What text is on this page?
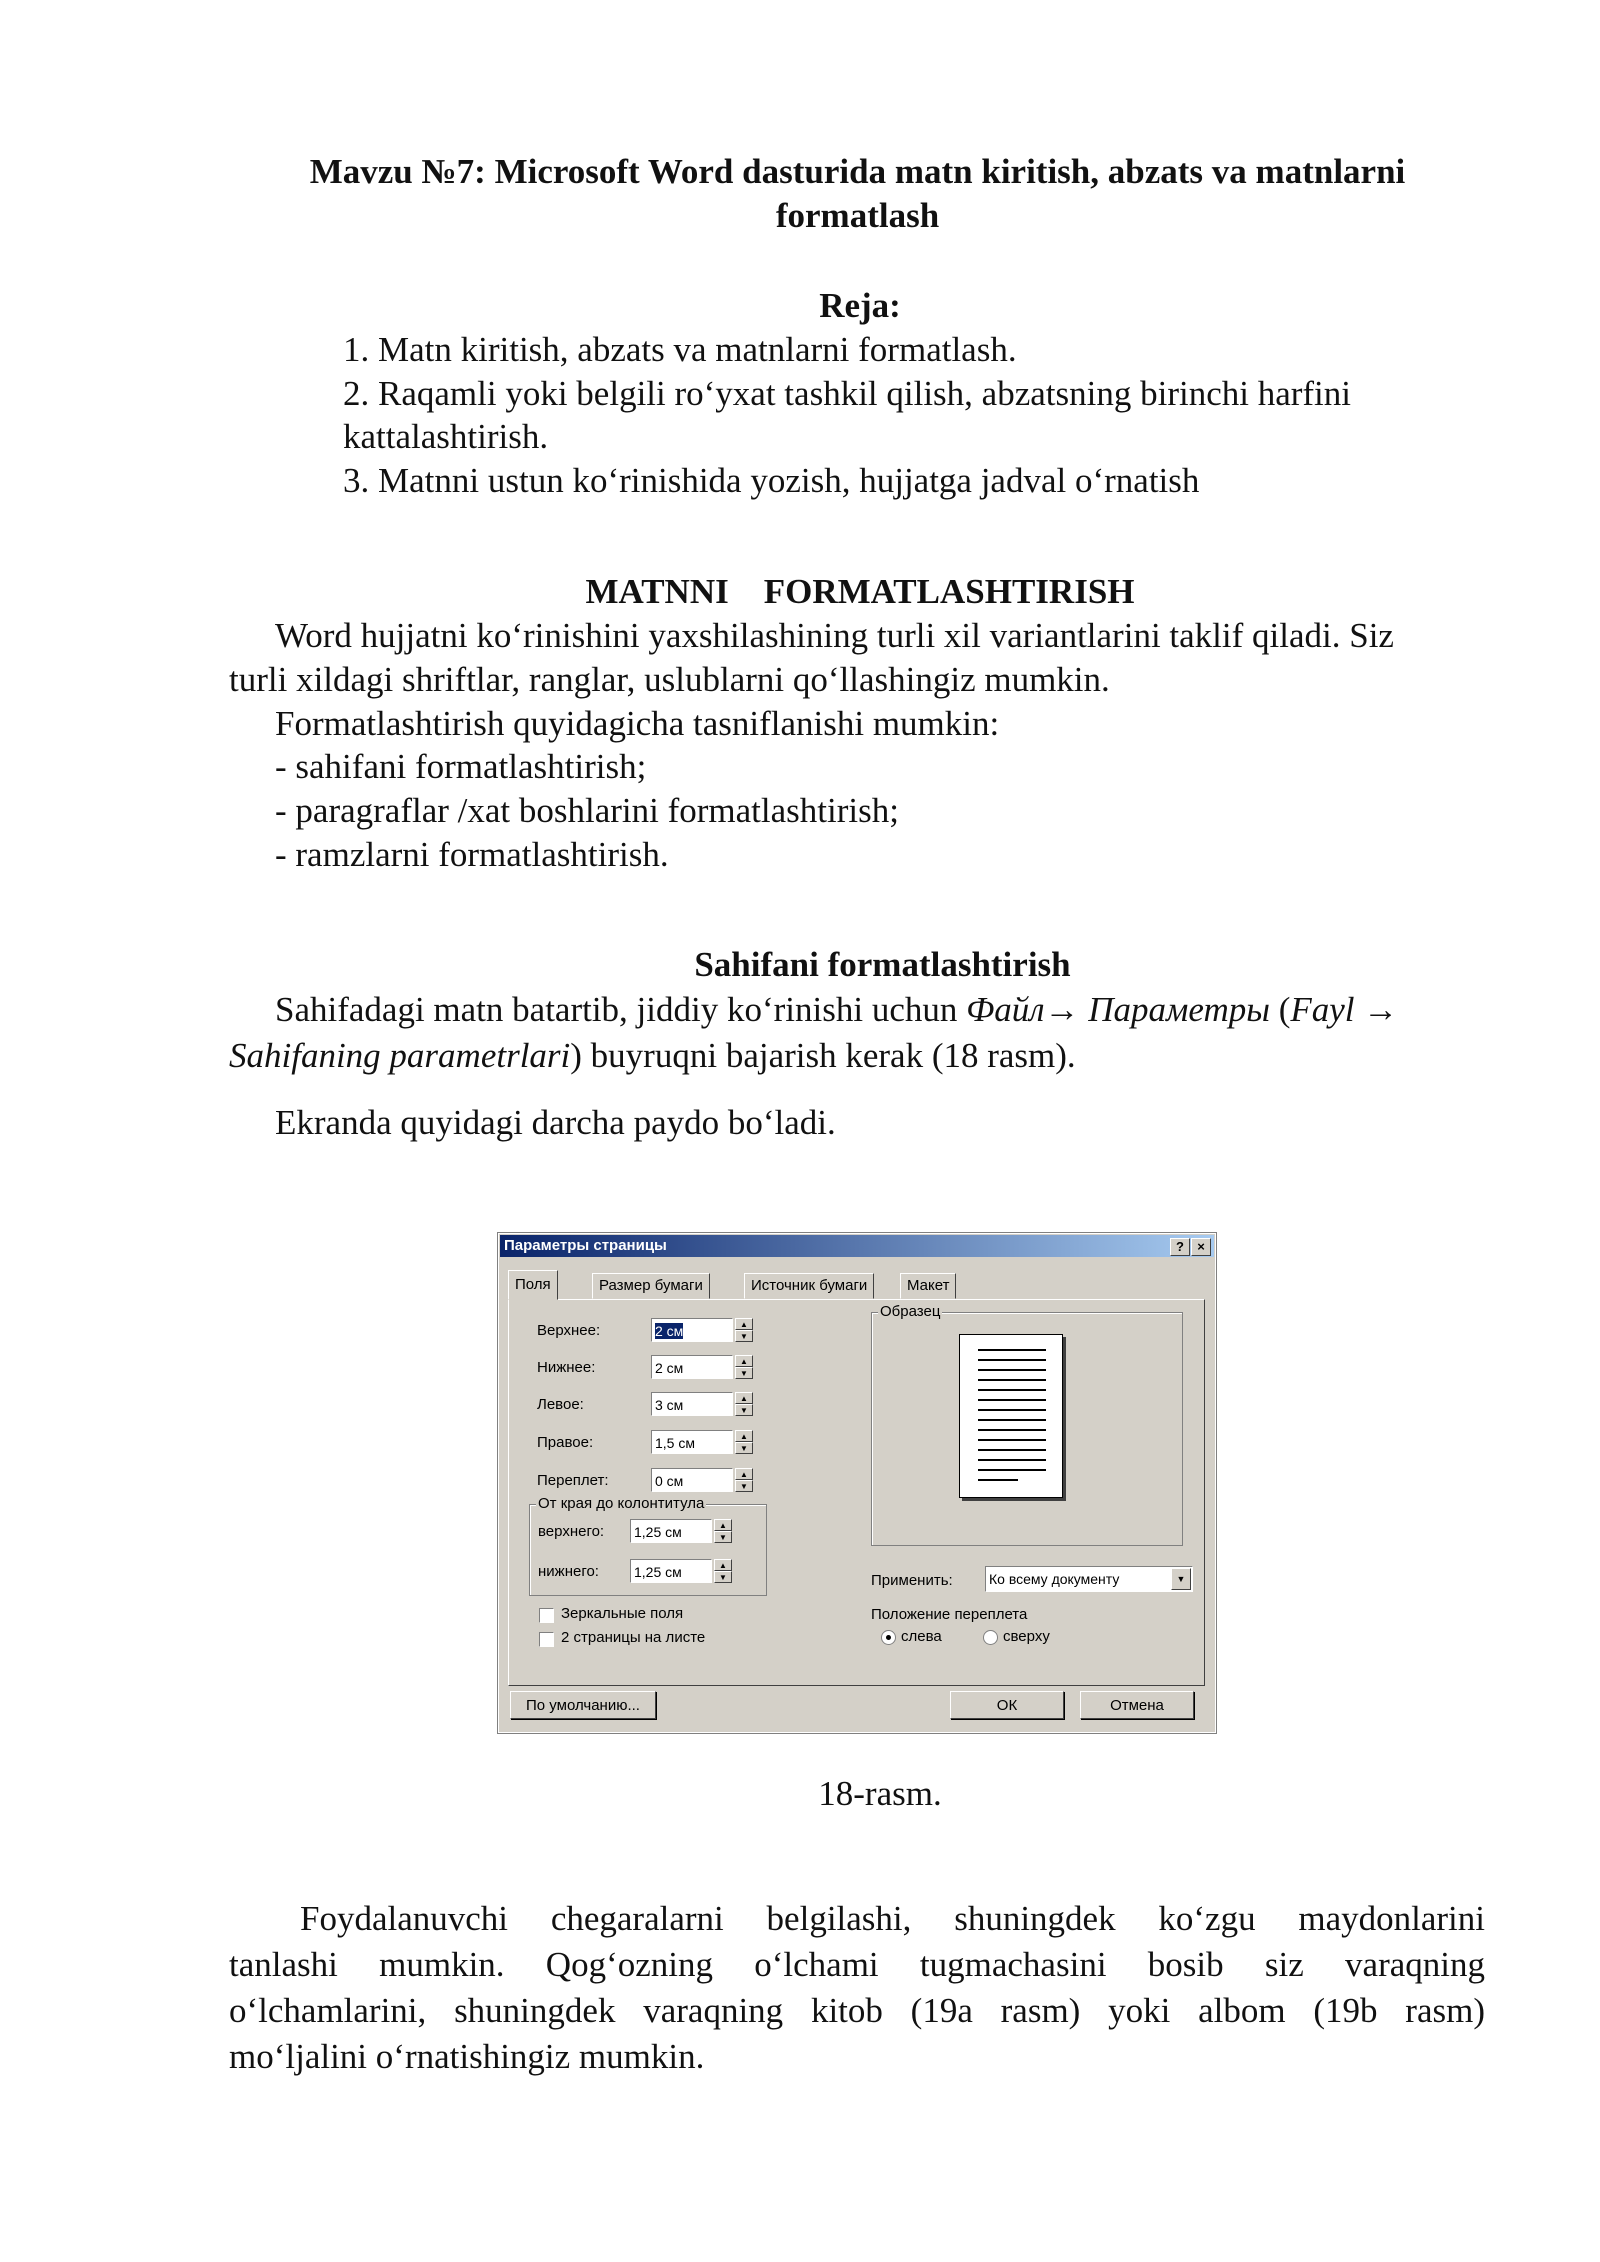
Mavzu №7: Microsoft Word dasturida matn kiritish, abzats va matnlarni formatlash
Reja:
1. Matn kiritish, abzats va matnlarni formatlash.
2. Raqamli yoki belgili ro‘yxat tashkil qilish, abzatsning birinchi harfini
kattalashtirish.
3. Matnni ustun ko‘rinishida yozish, hujjatga jadval o‘rnatish
MATNNI    FORMATLASHTIRISH
Word hujjatni ko‘rinishini yaxshilashining turli xil variantlarini taklif qiladi. Siz
turli xildagi shriftlar, ranglar, uslublarni qo‘llashingiz mumkin.
Formatlashtirish quyidagicha tasniflanishi mumkin:
- sahifani formatlashtirish;
- paragraflar /xat boshlarini formatlashtirish;
- ramzlarni formatlashtirish.
Sahifani formatlashtirish
Sahifadagi matn batartib, jiddiy ko‘rinishi uchun Файл→ Параметры (Fayl →
Sahifaning parametrlari) buyruqni bajarish kerak (18 rasm).
Ekranda quyidagi darcha paydo bo‘ladi.
Параметры страницы	?	×
Поля	Размер бумаги	Источник бумаги	Макет
Верхнее:	2 см	▲
▼
Нижнее:	2 см	▲
▼
Левое:	3 см	▲
▼
Правое:	1,5 см	▲
▼
Переплет:	0 см	▲
▼
От края до колонтитула
верхнего: 1,25 см	▲
▼
нижнего:	1,25 см	▲
▼
Зеркальные поля
2 страницы на листе
Образец
Применить:	Ко всему документу	▼
Положение переплета
слева	сверху
По умолчанию...	ОК	Отмена
18-rasm.
Foydalanuvchi chegaralarni belgilashi, shuningdek ko‘zgu maydonlarini
tanlashi mumkin. Qog‘ozning o‘lchami tugmachasini bosib siz varaqning
o‘lchamlarini, shuningdek varaqning kitob (19a rasm) yoki albom (19b rasm)
mo‘ljalini o‘rnatishingiz mumkin.
